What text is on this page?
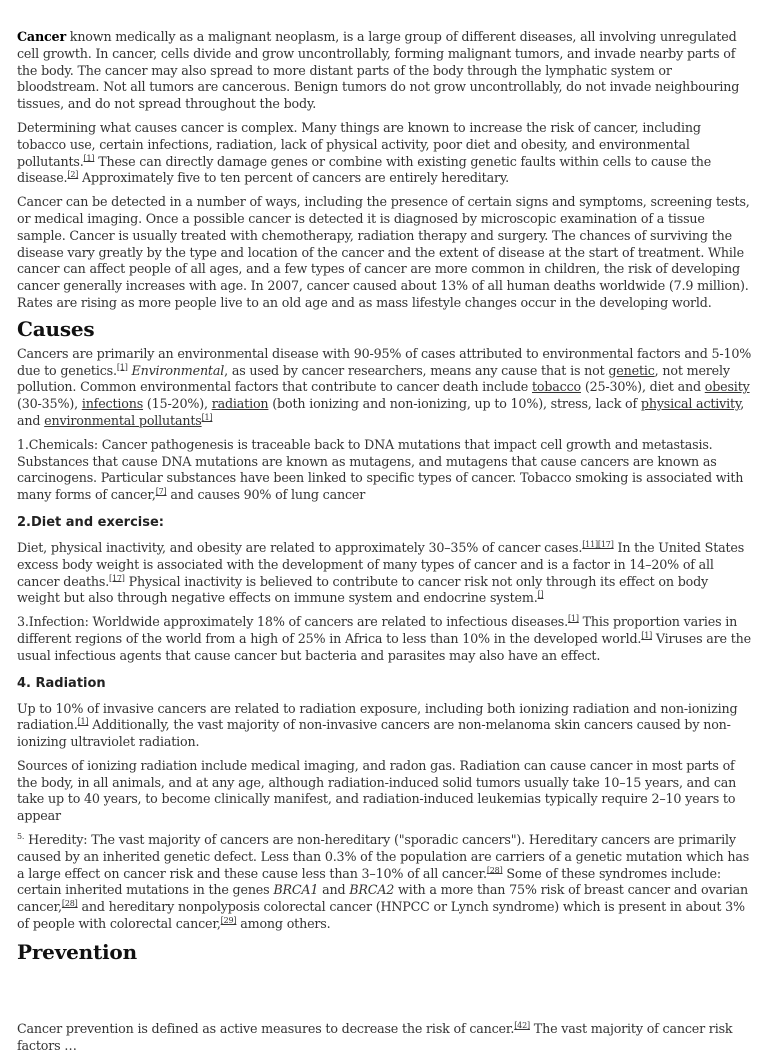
Cancer known medically as a malignant neoplasm, is a large group of different diseases, all involving unregulated cell growth. In cancer, cells divide and grow uncontrollably, forming malignant tumors, and invade nearby parts of the body. The cancer may also spread to more distant parts of the body through the lymphatic system or bloodstream. Not all tumors are cancerous. Benign tumors do not grow uncontrollably, do not invade neighbouring tissues, and do not spread throughout the body.

Determining what causes cancer is complex. Many things are known to increase the risk of cancer, including tobacco use, certain infections, radiation, lack of physical activity, poor diet and obesity, and environmental pollutants.[1] These can directly damage genes or combine with existing genetic faults within cells to cause the disease.[2] Approximately five to ten percent of cancers are entirely hereditary.

Cancer can be detected in a number of ways, including the presence of certain signs and symptoms, screening tests, or medical imaging. Once a possible cancer is detected it is diagnosed by microscopic examination of a tissue sample. Cancer is usually treated with chemotherapy, radiation therapy and surgery. The chances of surviving the disease vary greatly by the type and location of the cancer and the extent of disease at the start of treatment. While cancer can affect people of all ages, and a few types of cancer are more common in children, the risk of developing cancer generally increases with age. In 2007, cancer caused about 13% of all human deaths worldwide (7.9 million). Rates are rising as more people live to an old age and as mass lifestyle changes occur in the developing world.

Causes

Cancers are primarily an environmental disease with 90-95% of cases attributed to environmental factors and 5-10% due to genetics.[1] Environmental, as used by cancer researchers, means any cause that is not genetic, not merely pollution. Common environmental factors that contribute to cancer death include tobacco (25-30%), diet and obesity (30-35%), infections (15-20%), radiation (both ionizing and non-ionizing, up to 10%), stress, lack of physical activity, and environmental pollutants[1]

1.Chemicals: Cancer pathogenesis is traceable back to DNA mutations that impact cell growth and metastasis. Substances that cause DNA mutations are known as mutagens, and mutagens that cause cancers are known as carcinogens. Particular substances have been linked to specific types of cancer. Tobacco smoking is associated with many forms of cancer,[7] and causes 90% of lung cancer

2.Diet and exercise:

Diet, physical inactivity, and obesity are related to approximately 30–35% of cancer cases.[11][17] In the United States excess body weight is associated with the development of many types of cancer and is a factor in 14–20% of all cancer deaths.[17] Physical inactivity is believed to contribute to cancer risk not only through its effect on body weight but also through negative effects on immune system and endocrine system.[]

3.Infection: Worldwide approximately 18% of cancers are related to infectious diseases.[1] This proportion varies in different regions of the world from a high of 25% in Africa to less than 10% in the developed world.[1] Viruses are the usual infectious agents that cause cancer but bacteria and parasites may also have an effect.

4. Radiation

Up to 10% of invasive cancers are related to radiation exposure, including both ionizing radiation and non-ionizing radiation.[1] Additionally, the vast majority of non-invasive cancers are non-melanoma skin cancers caused by non-ionizing ultraviolet radiation.

Sources of ionizing radiation include medical imaging, and radon gas. Radiation can cause cancer in most parts of the body, in all animals, and at any age, although radiation-induced solid tumors usually take 10–15 years, and can take up to 40 years, to become clinically manifest, and radiation-induced leukemias typically require 2–10 years to appear

$^{5.}$ Heredity: The vast majority of cancers are non-hereditary ("sporadic cancers"). Hereditary cancers are primarily caused by an inherited genetic defect. Less than 0.3% of the population are carriers of a genetic mutation which has a large effect on cancer risk and these cause less than 3–10% of all cancer.[28] Some of these syndromes include: certain inherited mutations in the genes BRCA1 and BRCA2 with a more than 75% risk of breast cancer and ovarian cancer,[28] and hereditary nonpolyposis colorectal cancer (HNPCC or Lynch syndrome) which is present in about 3% of people with colorectal cancer,[29] among others.

Prevention

Cancer prevention is defined as active measures to decrease the risk of cancer.[42] The vast majority of cancer risk factors …
